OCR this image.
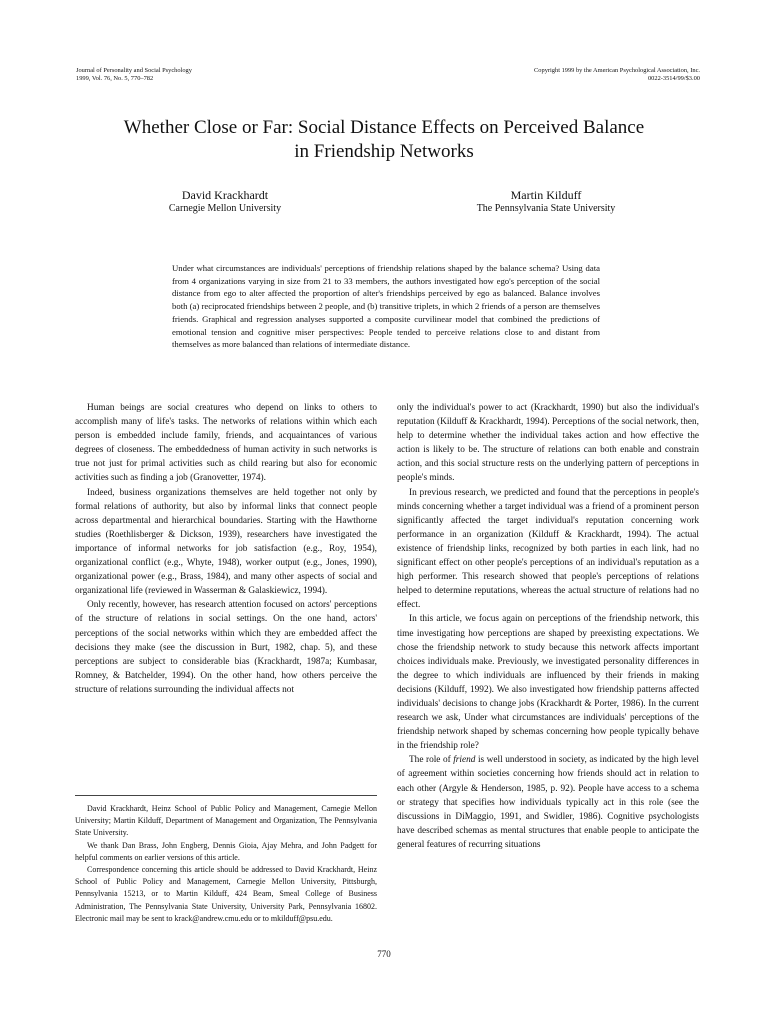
Journal of Personality and Social Psychology
1999, Vol. 76, No. 5, 770–782
Copyright 1999 by the American Psychological Association, Inc.
0022-3514/99/$3.00
Whether Close or Far: Social Distance Effects on Perceived Balance
in Friendship Networks
David Krackhardt
Carnegie Mellon University
Martin Kilduff
The Pennsylvania State University
Under what circumstances are individuals' perceptions of friendship relations shaped by the balance schema? Using data from 4 organizations varying in size from 21 to 33 members, the authors investigated how ego's perception of the social distance from ego to alter affected the proportion of alter's friendships perceived by ego as balanced. Balance involves both (a) reciprocated friendships between 2 people, and (b) transitive triplets, in which 2 friends of a person are themselves friends. Graphical and regression analyses supported a composite curvilinear model that combined the predictions of emotional tension and cognitive miser perspectives: People tended to perceive relations close to and distant from themselves as more balanced than relations of intermediate distance.

Human beings are social creatures who depend on links to others to accomplish many of life's tasks. The networks of relations within which each person is embedded include family, friends, and acquaintances of various degrees of closeness. The embeddedness of human activity in such networks is true not just for primal activities such as child rearing but also for economic activities such as finding a job (Granovetter, 1974).

Indeed, business organizations themselves are held together not only by formal relations of authority, but also by informal links that connect people across departmental and hierarchical boundaries. Starting with the Hawthorne studies (Roethlisberger & Dickson, 1939), researchers have investigated the importance of informal networks for job satisfaction (e.g., Roy, 1954), organizational conflict (e.g., Whyte, 1948), worker output (e.g., Jones, 1990), organizational power (e.g., Brass, 1984), and many other aspects of social and organizational life (reviewed in Wasserman & Galaskiewicz, 1994).

Only recently, however, has research attention focused on actors' perceptions of the structure of relations in social settings. On the one hand, actors' perceptions of the social networks within which they are embedded affect the decisions they make (see the discussion in Burt, 1982, chap. 5), and these perceptions are subject to considerable bias (Krackhardt, 1987a; Kumbasar, Romney, & Batchelder, 1994). On the other hand, how others perceive the structure of relations surrounding the individual affects not

David Krackhardt, Heinz School of Public Policy and Management, Carnegie Mellon University; Martin Kilduff, Department of Management and Organization, The Pennsylvania State University.

We thank Dan Brass, John Engberg, Dennis Gioia, Ajay Mehra, and John Padgett for helpful comments on earlier versions of this article.

Correspondence concerning this article should be addressed to David Krackhardt, Heinz School of Public Policy and Management, Carnegie Mellon University, Pittsburgh, Pennsylvania 15213, or to Martin Kilduff, 424 Beam, Smeal College of Business Administration, The Pennsylvania State University, University Park, Pennsylvania 16802. Electronic mail may be sent to krack@andrew.cmu.edu or to mkilduff@psu.edu.

only the individual's power to act (Krackhardt, 1990) but also the individual's reputation (Kilduff & Krackhardt, 1994). Perceptions of the social network, then, help to determine whether the individual takes action and how effective the action is likely to be. The structure of relations can both enable and constrain action, and this social structure rests on the underlying pattern of perceptions in people's minds.

In previous research, we predicted and found that the perceptions in people's minds concerning whether a target individual was a friend of a prominent person significantly affected the target individual's reputation concerning work performance in an organization (Kilduff & Krackhardt, 1994). The actual existence of friendship links, recognized by both parties in each link, had no significant effect on other people's perceptions of an individual's reputation as a high performer. This research showed that people's perceptions of relations helped to determine reputations, whereas the actual structure of relations had no effect.

In this article, we focus again on perceptions of the friendship network, this time investigating how perceptions are shaped by preexisting expectations. We chose the friendship network to study because this network affects important choices individuals make. Previously, we investigated personality differences in the degree to which individuals are influenced by their friends in making decisions (Kilduff, 1992). We also investigated how friendship patterns affected individuals' decisions to change jobs (Krackhardt & Porter, 1986). In the current research we ask, Under what circumstances are individuals' perceptions of the friendship network shaped by schemas concerning how people typically behave in the friendship role?

The role of friend is well understood in society, as indicated by the high level of agreement within societies concerning how friends should act in relation to each other (Argyle & Henderson, 1985, p. 92). People have access to a schema or strategy that specifies how individuals typically act in this role (see the discussions in DiMaggio, 1991, and Swidler, 1986). Cognitive psychologists have described schemas as mental structures that enable people to anticipate the general features of recurring situations

770
